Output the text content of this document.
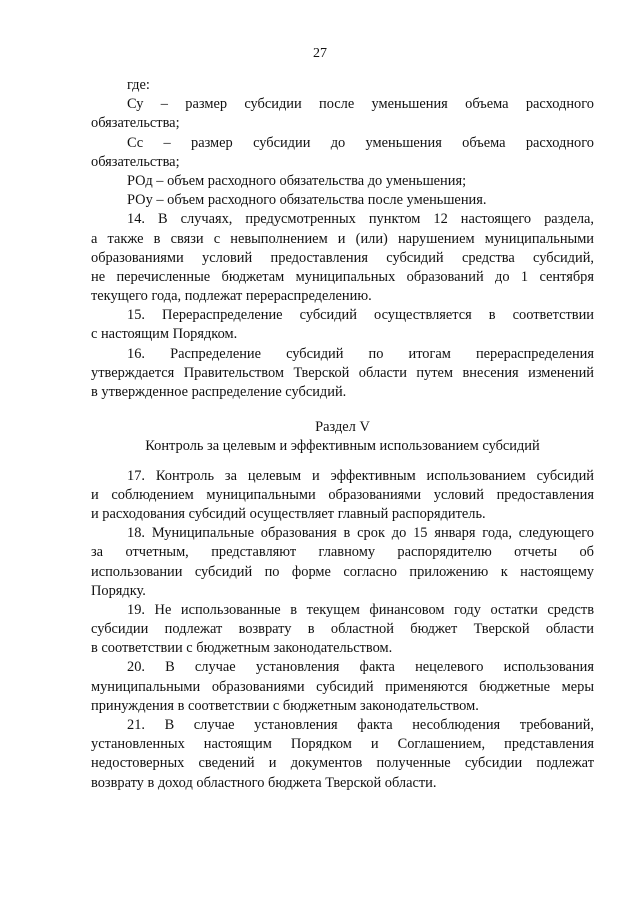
27
где:
Су – размер субсидии после уменьшения объема расходного
обязательства;
Сс – размер субсидии до уменьшения объема расходного
обязательства;
РОд – объем расходного обязательства до уменьшения;
РОу – объем расходного обязательства после уменьшения.
14. В случаях, предусмотренных пунктом 12 настоящего раздела,
а также в связи с невыполнением и (или) нарушением муниципальными
образованиями условий предоставления субсидий средства субсидий,
не перечисленные бюджетам муниципальных образований до 1 сентября
текущего года, подлежат перераспределению.
15. Перераспределение субсидий осуществляется в соответствии
с настоящим Порядком.
16. Распределение субсидий по итогам перераспределения
утверждается Правительством Тверской области путем внесения изменений
в утвержденное распределение субсидий.
Раздел V
Контроль за целевым и эффективным использованием субсидий
17. Контроль за целевым и эффективным использованием субсидий
и соблюдением муниципальными образованиями условий предоставления
и расходования субсидий осуществляет главный распорядитель.
18. Муниципальные образования в срок до 15 января года, следующего
за отчетным, представляют главному распорядителю отчеты об
использовании субсидий по форме согласно приложению к настоящему
Порядку.
19. Не использованные в текущем финансовом году остатки средств
субсидии подлежат возврату в областной бюджет Тверской области
в соответствии с бюджетным законодательством.
20. В случае установления факта нецелевого использования
муниципальными образованиями субсидий применяются бюджетные меры
принуждения в соответствии с бюджетным законодательством.
21. В случае установления факта несоблюдения требований,
установленных настоящим Порядком и Соглашением, представления
недостоверных сведений и документов полученные субсидии подлежат
возврату в доход областного бюджета Тверской области.
